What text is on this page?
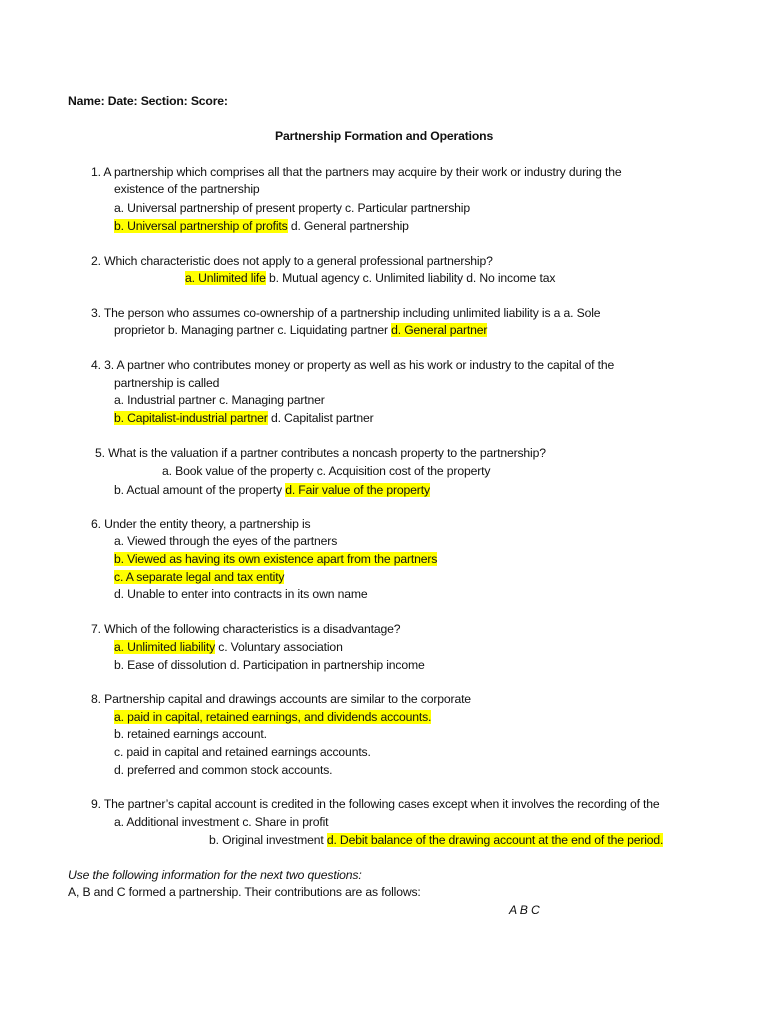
Name: Date: Section: Score:
Partnership Formation and Operations
1. A partnership which comprises all that the partners may acquire by their work or industry during the
existence of the partnership
a. Universal partnership of present property c. Particular partnership
b. Universal partnership of profits d. General partnership
2. Which characteristic does not apply to a general professional partnership?
a. Unlimited life b. Mutual agency c. Unlimited liability d. No income tax
3. The person who assumes co-ownership of a partnership including unlimited liability is a a. Sole
proprietor b. Managing partner c. Liquidating partner d. General partner
4. 3. A partner who contributes money or property as well as his work or industry to the capital of the
partnership is called
a. Industrial partner c. Managing partner
b. Capitalist-industrial partner d. Capitalist partner
5. What is the valuation if a partner contributes a noncash property to the partnership?
a. Book value of the property c. Acquisition cost of the property
b. Actual amount of the property d. Fair value of the property
6. Under the entity theory, a partnership is
a. Viewed through the eyes of the partners
b. Viewed as having its own existence apart from the partners
c. A separate legal and tax entity
d. Unable to enter into contracts in its own name
7. Which of the following characteristics is a disadvantage?
a. Unlimited liability c. Voluntary association
b. Ease of dissolution d. Participation in partnership income
8. Partnership capital and drawings accounts are similar to the corporate
a. paid in capital, retained earnings, and dividends accounts.
b. retained earnings account.
c. paid in capital and retained earnings accounts.
d. preferred and common stock accounts.
9. The partner’s capital account is credited in the following cases except when it involves the recording of the
a. Additional investment c. Share in profit
b. Original investment d. Debit balance of the drawing account at the end of the period.
Use the following information for the next two questions:
A, B and C formed a partnership. Their contributions are as follows:
A B C
